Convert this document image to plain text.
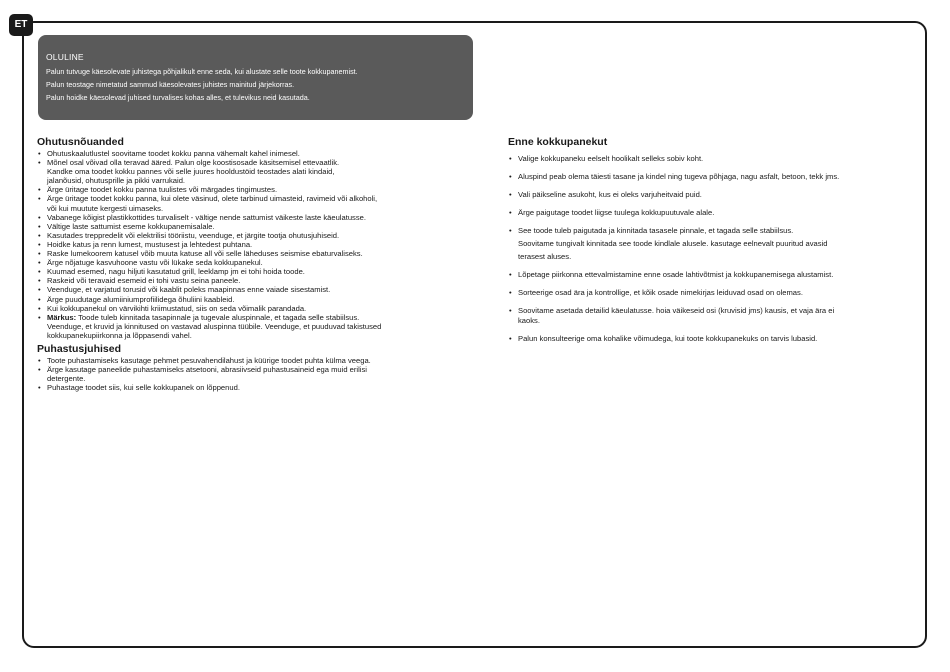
ET
OLULINE
Palun tutvuge käesolevate juhistega põhjalikult enne seda, kui alustate selle toote kokkupanemist.
Palun teostage nimetatud sammud käesolevates juhistes mainitud järjekorras.
Palun hoidke käesolevad juhised turvalises kohas alles, et tulevikus neid kasutada.
Ohutusnõuanded
• Ohutuskaalutlustel soovitame toodet kokku panna vähemalt kahel inimesel.
• Mõnel osal võivad olla teravad ääred. Palun olge koostisosade käsitsemisel ettevaatlik.
Kandke oma toodet kokku pannes või selle juures hooldustöid teostades alati kindaid,
jalanõusid, ohutusprille ja pikki varrukaid.
• Ärge üritage toodet kokku panna tuulistes või märgades tingimustes.
• Ärge üritage toodet kokku panna, kui olete väsinud, olete tarbinud uimasteid, ravimeid või alkoholi,
või kui muutute kergesti uimaseks.
• Vabanege kõigist plastikkottides turvaliselt - vältige nende sattumist väikeste laste käeulatusse.
• Vältige laste sattumist eseme kokkupanemisalale.
• Kasutades treppredelit või elektrilisi tööriistu, veenduge, et järgite tootja ohutusjuhiseid.
• Hoidke katus ja renn lumest, mustusest ja lehtedest puhtana.
• Raske lumekoorem katusel võib muuta katuse all või selle läheduses seismise ebaturvaliseks.
• Ärge nõjatuge kasvuhoone vastu või lükake seda kokkupanekul.
• Kuumad esemed, nagu hiljuti kasutatud grill, leeklamp jm ei tohi hoida toode.
• Raskeid või teravaid esemeid ei tohi vastu seina paneele.
• Veenduge, et varjatud torusid või kaablit poleks maapinnas enne vaiade sisestamist.
• Ärge puudutage alumiiniumprofiilidega õhuliini kaableid.
• Kui kokkupanekul on värvikihti kriimustatud, siis on seda võimalik parandada.
• Märkus: Toode tuleb kinnitada tasapinnale ja tugevale aluspinnale, et tagada selle stabiilsus.
Veenduge, et kruvid ja kinnitused on vastavad aluspinna tüübile. Veenduge, et puuduvad takistused
kokkupanekupiirkonna ja lõppasendi vahel.
Puhastusjuhised
• Toote puhastamiseks kasutage pehmet pesuvahendilahust ja küürige toodet puhta külma veega.
• Ärge kasutage paneelide puhastamiseks atsetooni, abrasiivseid puhastusaineid ega muid erilisi
detergente.
• Puhastage toodet siis, kui selle kokkupanek on lõppenud.
Enne kokkupanekut
• Valige kokkupaneku eelselt hoolikalt selleks sobiv koht.
• Aluspind peab olema täiesti tasane ja kindel ning tugeva põhjaga, nagu asfalt, betoon, tekk jms.
• Vali päikseline asukoht, kus ei oleks varjuheitvaid puid.
• Ärge paigutage toodet liigse tuulega kokkupuutuvale alale.
• See toode tuleb paigutada ja kinnitada tasasele pinnale, et tagada selle stabiilsus.
Soovitame tungivalt kinnitada see toode kindlale alusele. kasutage eelnevalt puuritud avasid
terasest aluses.
• Lõpetage piirkonna ettevalmistamine enne osade lahtivõtmist ja kokkupanemisega alustamist.
• Sorteerige osad ära ja kontrollige, et kõik osade nimekirjas leiduvad osad on olemas.
• Soovitame asetada detailid käeulatusse. hoia väikeseid osi (kruvisid jms) kausis, et vaja ära ei
kaoks.
• Palun konsulteerige oma kohalike võimudega, kui toote kokkupanekuks on tarvis lubasid.
